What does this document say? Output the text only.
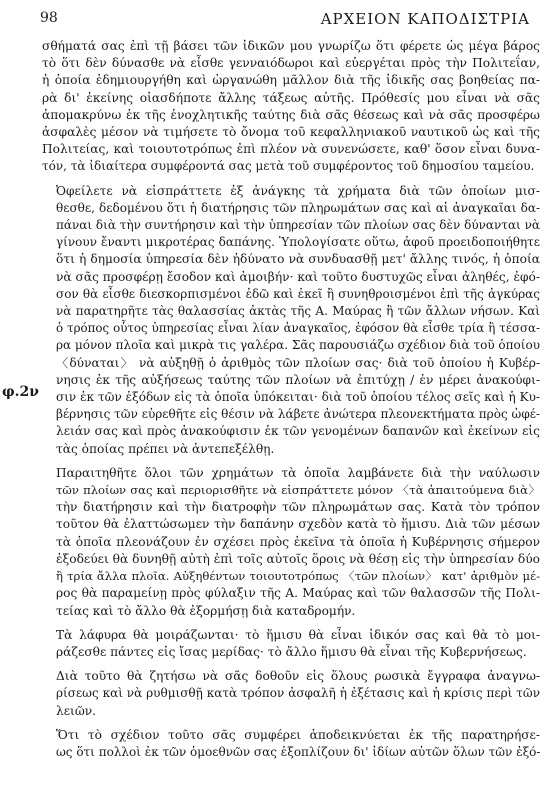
98	ΑΡΧΕΙΟΝ ΚΑΠΟΔΙΣΤΡΙΑ
φ.2ν

σθήματά σας ἐπὶ τῇ βάσει τῶν ἰδικῶν μου γνωρίζω ὅτι φέρετε ὡς μέγα βάρος
τὸ ὅτι δὲν δύνασθε νὰ εἶσθε γενναιόδωροι καὶ εὐεργέται πρὸς τὴν Πολιτεΐαν,
ἡ ὁποία ἐδημιουργήθη καὶ ὠργανώθη μᾶλλον διὰ τῆς ἰδικῆς σας βοηθείας πα-
ρὰ δι' ἐκείνης οἱασδήποτε ἄλλης τάξεως αὐτῆς. Πρόθεσίς μου εἶναι νὰ σᾶς
ἀπομακρύνω ἐκ τῆς ἐνοχλητικῆς ταύτης διὰ σᾶς θέσεως καὶ νὰ σᾶς προσφέρω
ἀσφαλὲς μέσον νὰ τιμήσετε τὸ ὄνομα τοῦ κεφαλληνιακοῦ ναυτικοῦ ὡς καὶ τῆς
Πολιτείας, καὶ τοιουτοτρόπως ἐπὶ πλέον νὰ συνενώσετε, καθ' ὅσον εἶναι δυνα-
τόν, τὰ ἰδιαίτερα συμφέροντά σας μετὰ τοῦ συμφέροντος τοῦ δημοσίου ταμείου.

Ὀφείλετε νὰ εἰσπράττετε ἐξ ἀνάγκης τὰ χρήματα διὰ τῶν ὁποίων μισ-
θεσθε, δεδομένου ὅτι ἡ διατήρησις τῶν πληρωμάτων σας καὶ αἱ ἀναγκαῖαι δα-
πάναι διὰ τὴν συντήρησιν καὶ τὴν ὑπηρεσίαν τῶν πλοίων σας δὲν δύνανται νὰ
γίνουν ἔναντι μικροτέρας δαπάνης. Ὑπολογίσατε οὕτω, ἀφοῦ προειδοποιήθητε
ὅτι ἡ δημοσία ὑπηρεσία δὲν ἠδύνατο νὰ συνδυασθῇ μετ' ἄλλης τινός, ἡ ὁποία
νὰ σᾶς προσφέρῃ ἔσοδον καὶ ἀμοιβήν· καὶ τοῦτο δυστυχῶς εἶναι ἀληθές, ἐφό-
σον θὰ εἶσθε διεσκορπισμένοι ἐδῶ καὶ ἐκεῖ ἢ συνηθροισμένοι ἐπὶ τῆς ἀγκύρας
νὰ παρατηρῆτε τὰς θαλασσίας ἀκτὰς τῆς Α. Μαύρας ἢ τῶν ἄλλων νήσων. Καὶ
ὁ τρόπος οὗτος ὑπηρεσίας εἶναι λίαν ἀναγκαῖος, ἐφόσον θὰ εἶσθε τρία ἢ τέσσα-
ρα μόνον πλοῖα καὶ μικρὰ τις γαλέρα. Σᾶς παρουσιάζω σχέδιον διὰ τοῦ ὁποίου
〈δύναται〉 νὰ αὐξηθῇ ὁ ἀριθμὸς τῶν πλοίων σας· διὰ τοῦ ὁποίου ἡ Κυβέρ-
νησις ἐκ τῆς αὐξήσεως ταύτης τῶν πλοίων νὰ ἐπιτύχῃ / ἐν μέρει ἀνακούφι-
σιν ἐκ τῶν ἐξόδων εἰς τὰ ὁποῖα ὑπόκειται· διὰ τοῦ ὁποίου τέλος σεῖς καὶ ἡ Κυ-
βέρνησις τῶν εὑρεθῆτε εἰς θέσιν νὰ λάβετε ἀνώτερα πλεονεκτήματα πρὸς ὠφέ-
λειάν σας καὶ πρὸς ἀνακούφισιν ἐκ τῶν γενομένων δαπανῶν καὶ ἐκείνων εἰς
τὰς ὁποίας πρέπει νὰ ἀντεπεξέλθῃ.

Παραιτηθῆτε ὅλοι τῶν χρημάτων τὰ ὁποῖα λαμβάνετε διὰ τὴν ναύλωσιν
τῶν πλοίων σας καὶ περιορισθῆτε νὰ εἰσπράττετε μόνον 〈τὰ ἀπαιτούμενα διὰ〉
τὴν διατήρησιν καὶ τὴν διατροφὴν τῶν πληρωμάτων σας. Κατὰ τὸν τρόπον
τοῦτον θὰ ἐλαττώσωμεν τὴν δαπάνην σχεδὸν κατὰ τὸ ἥμισυ. Διὰ τῶν μέσων
τὰ ὁποῖα πλεονάζουν ἐν σχέσει πρὸς ἐκεῖνα τὰ ὁποῖα ἡ Κυβέρνησις σήμερον
ἐξοδεύει θὰ δυνηθῇ αὐτὴ ἐπὶ τοῖς αὐτοῖς ὅροις νὰ θέσῃ εἰς τὴν ὑπηρεσίαν δύο
ἢ τρία ἄλλα πλοῖα. Αὐξηθέντων τοιουτοτρόπως 〈τῶν πλοίων〉 κατ' ἀριθμὸν μέ-
ρος θὰ παραμείνῃ πρὸς φύλαξιν τῆς Α. Μαύρας καὶ τῶν θαλασσῶν τῆς Πολι-
τείας καὶ τὸ ἄλλο θὰ ἐξορμήσῃ διὰ καταδρομήν.

Τὰ λάφυρα θὰ μοιράζωνται· τὸ ἥμισυ θὰ εἶναι ἰδικόν σας καὶ θὰ τὸ μοι-
ράζεσθε πάντες εἰς ἴσας μερίδας· τὸ ἄλλο ἥμισυ θὰ εἶναι τῆς Κυβερνήσεως.

Διὰ τοῦτο θὰ ζητήσω νὰ σᾶς δοθοῦν εἰς ὅλους ρωσικὰ ἔγγραφα ἀναγνω-
ρίσεως καὶ νὰ ρυθμισθῇ κατὰ τρόπον ἀσφαλῆ ἡ ἐξέτασις καὶ ἡ κρίσις περὶ τῶν
λειῶν.

Ὅτι τὸ σχέδιον τοῦτο σᾶς συμφέρει ἀποδεικνύεται ἐκ τῆς παρατηρήσε-
ως ὅτι πολλοὶ ἐκ τῶν ὁμοεθνῶν σας ἐξοπλίζουν δι' ἰδίων αὐτῶν ὅλων τῶν ἐξό-
